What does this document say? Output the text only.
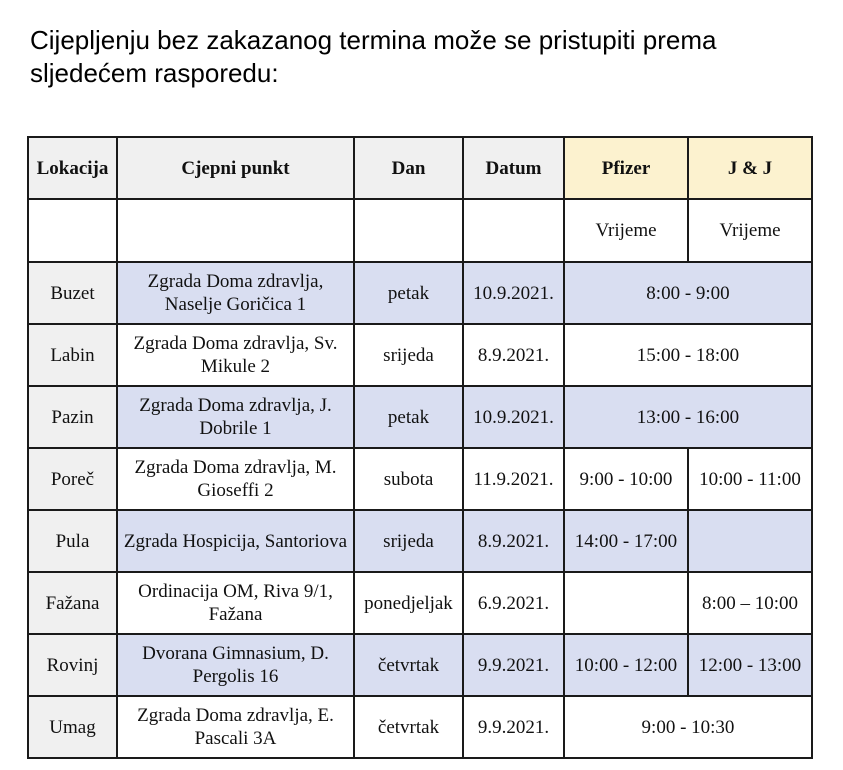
Cijepljenju bez zakazanog termina može se pristupiti prema sljedećem rasporedu:
Lokacija	Cjepni punkt	Dan	Datum	Pfizer	J & J
				Vrijeme	Vrijeme
Buzet	Zgrada Doma zdravlja, Naselje Goričica 1	petak	10.9.2021.	8:00 - 9:00	
Labin	Zgrada Doma zdravlja, Sv. Mikule 2	srijeda	8.9.2021.	15:00 - 18:00	
Pazin	Zgrada Doma zdravlja, J. Dobrile 1	petak	10.9.2021.	13:00 - 16:00	
Poreč	Zgrada Doma zdravlja, M. Gioseffi 2	subota	11.9.2021.	9:00 - 10:00	10:00 - 11:00
Pula	Zgrada Hospicija, Santoriova	srijeda	8.9.2021.	14:00 - 17:00	
Fažana	Ordinacija OM, Riva 9/1, Fažana	ponedjeljak	6.9.2021.		8:00 – 10:00
Rovinj	Dvorana Gimnasium, D. Pergolis 16	četvrtak	9.9.2021.	10:00 - 12:00	12:00 - 13:00
Umag	Zgrada Doma zdravlja, E. Pascali 3A	četvrtak	9.9.2021.	9:00 - 10:30	
